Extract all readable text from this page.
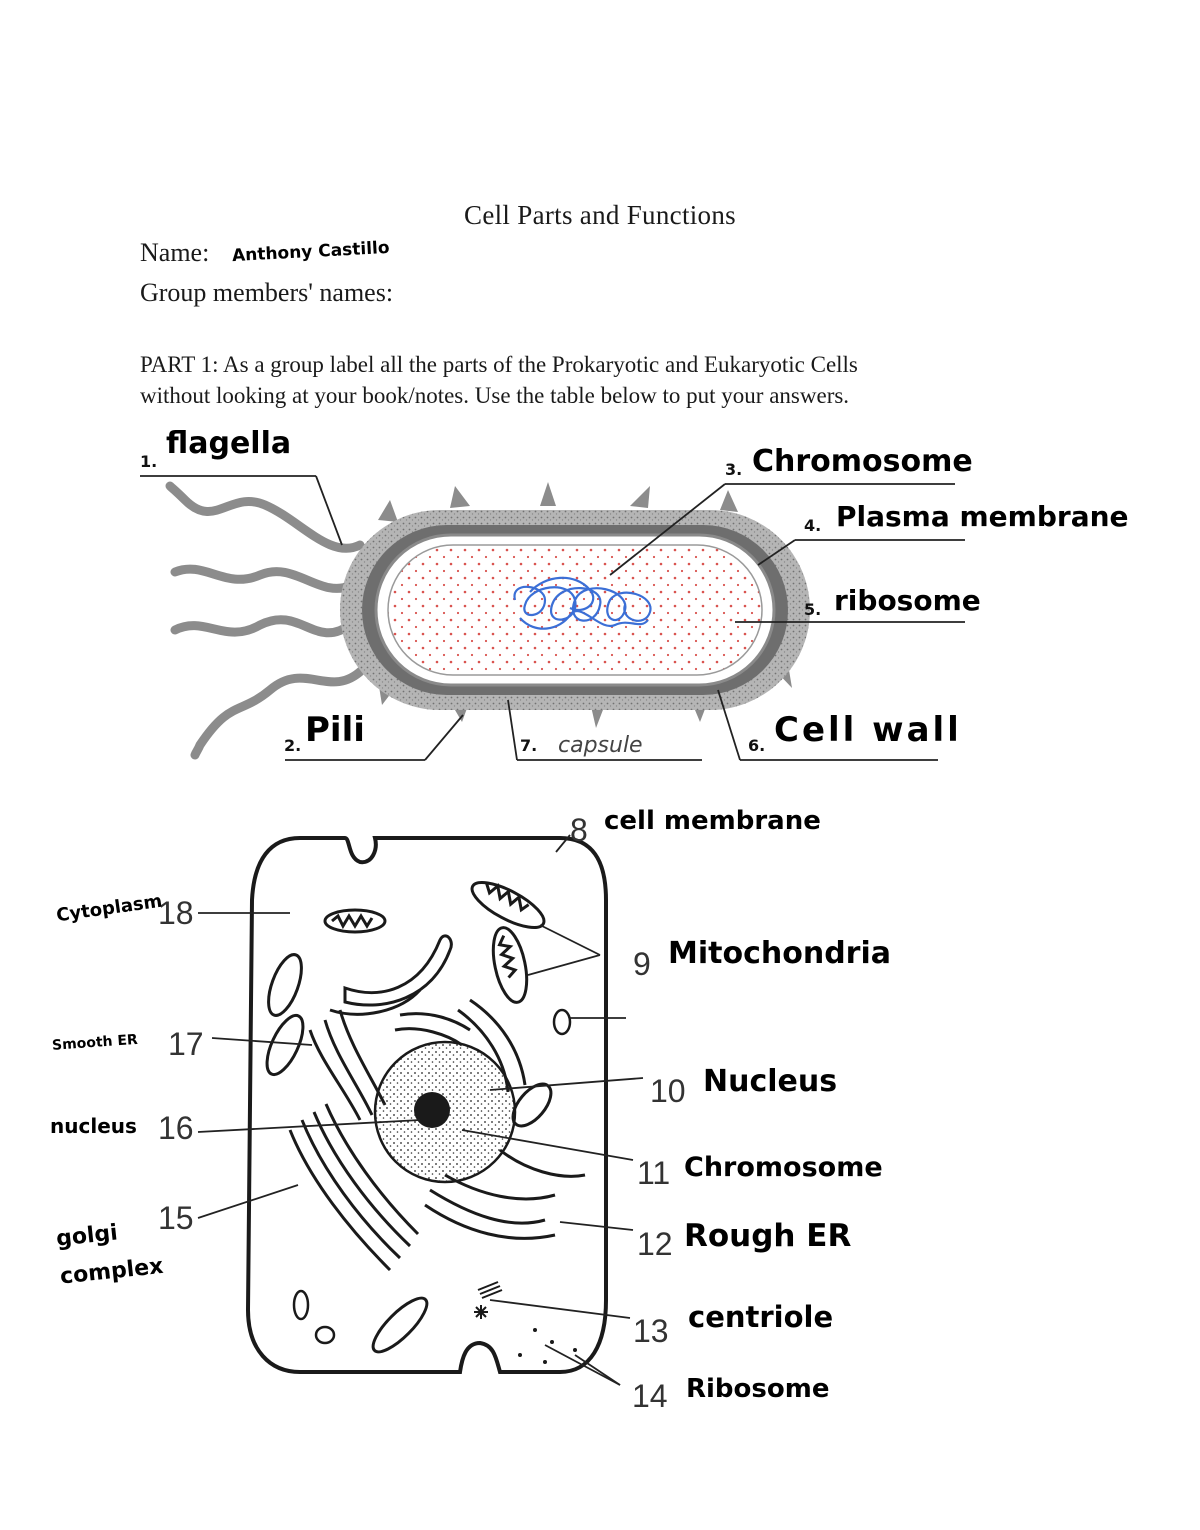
Cell Parts and Functions
Name: Anthony Castillo
Group members' names:
PART 1: As a group label all the parts of the Prokaryotic and Eukaryotic Cells
without looking at your book/notes. Use the table below to put your answers.
1.
2.
3.
4.
5.
6.
7.
flagella
Pili
Chromosome
Plasma membrane
ribosome
Cell wall
capsule
8
9
10
11
12
13
14
15
16
17
18
cell membrane
Mitochondria
Nucleus
Chromosome
Rough ER
centriole
Ribosome
golgi complex
nucleus
Smooth ER
Cytoplasm
